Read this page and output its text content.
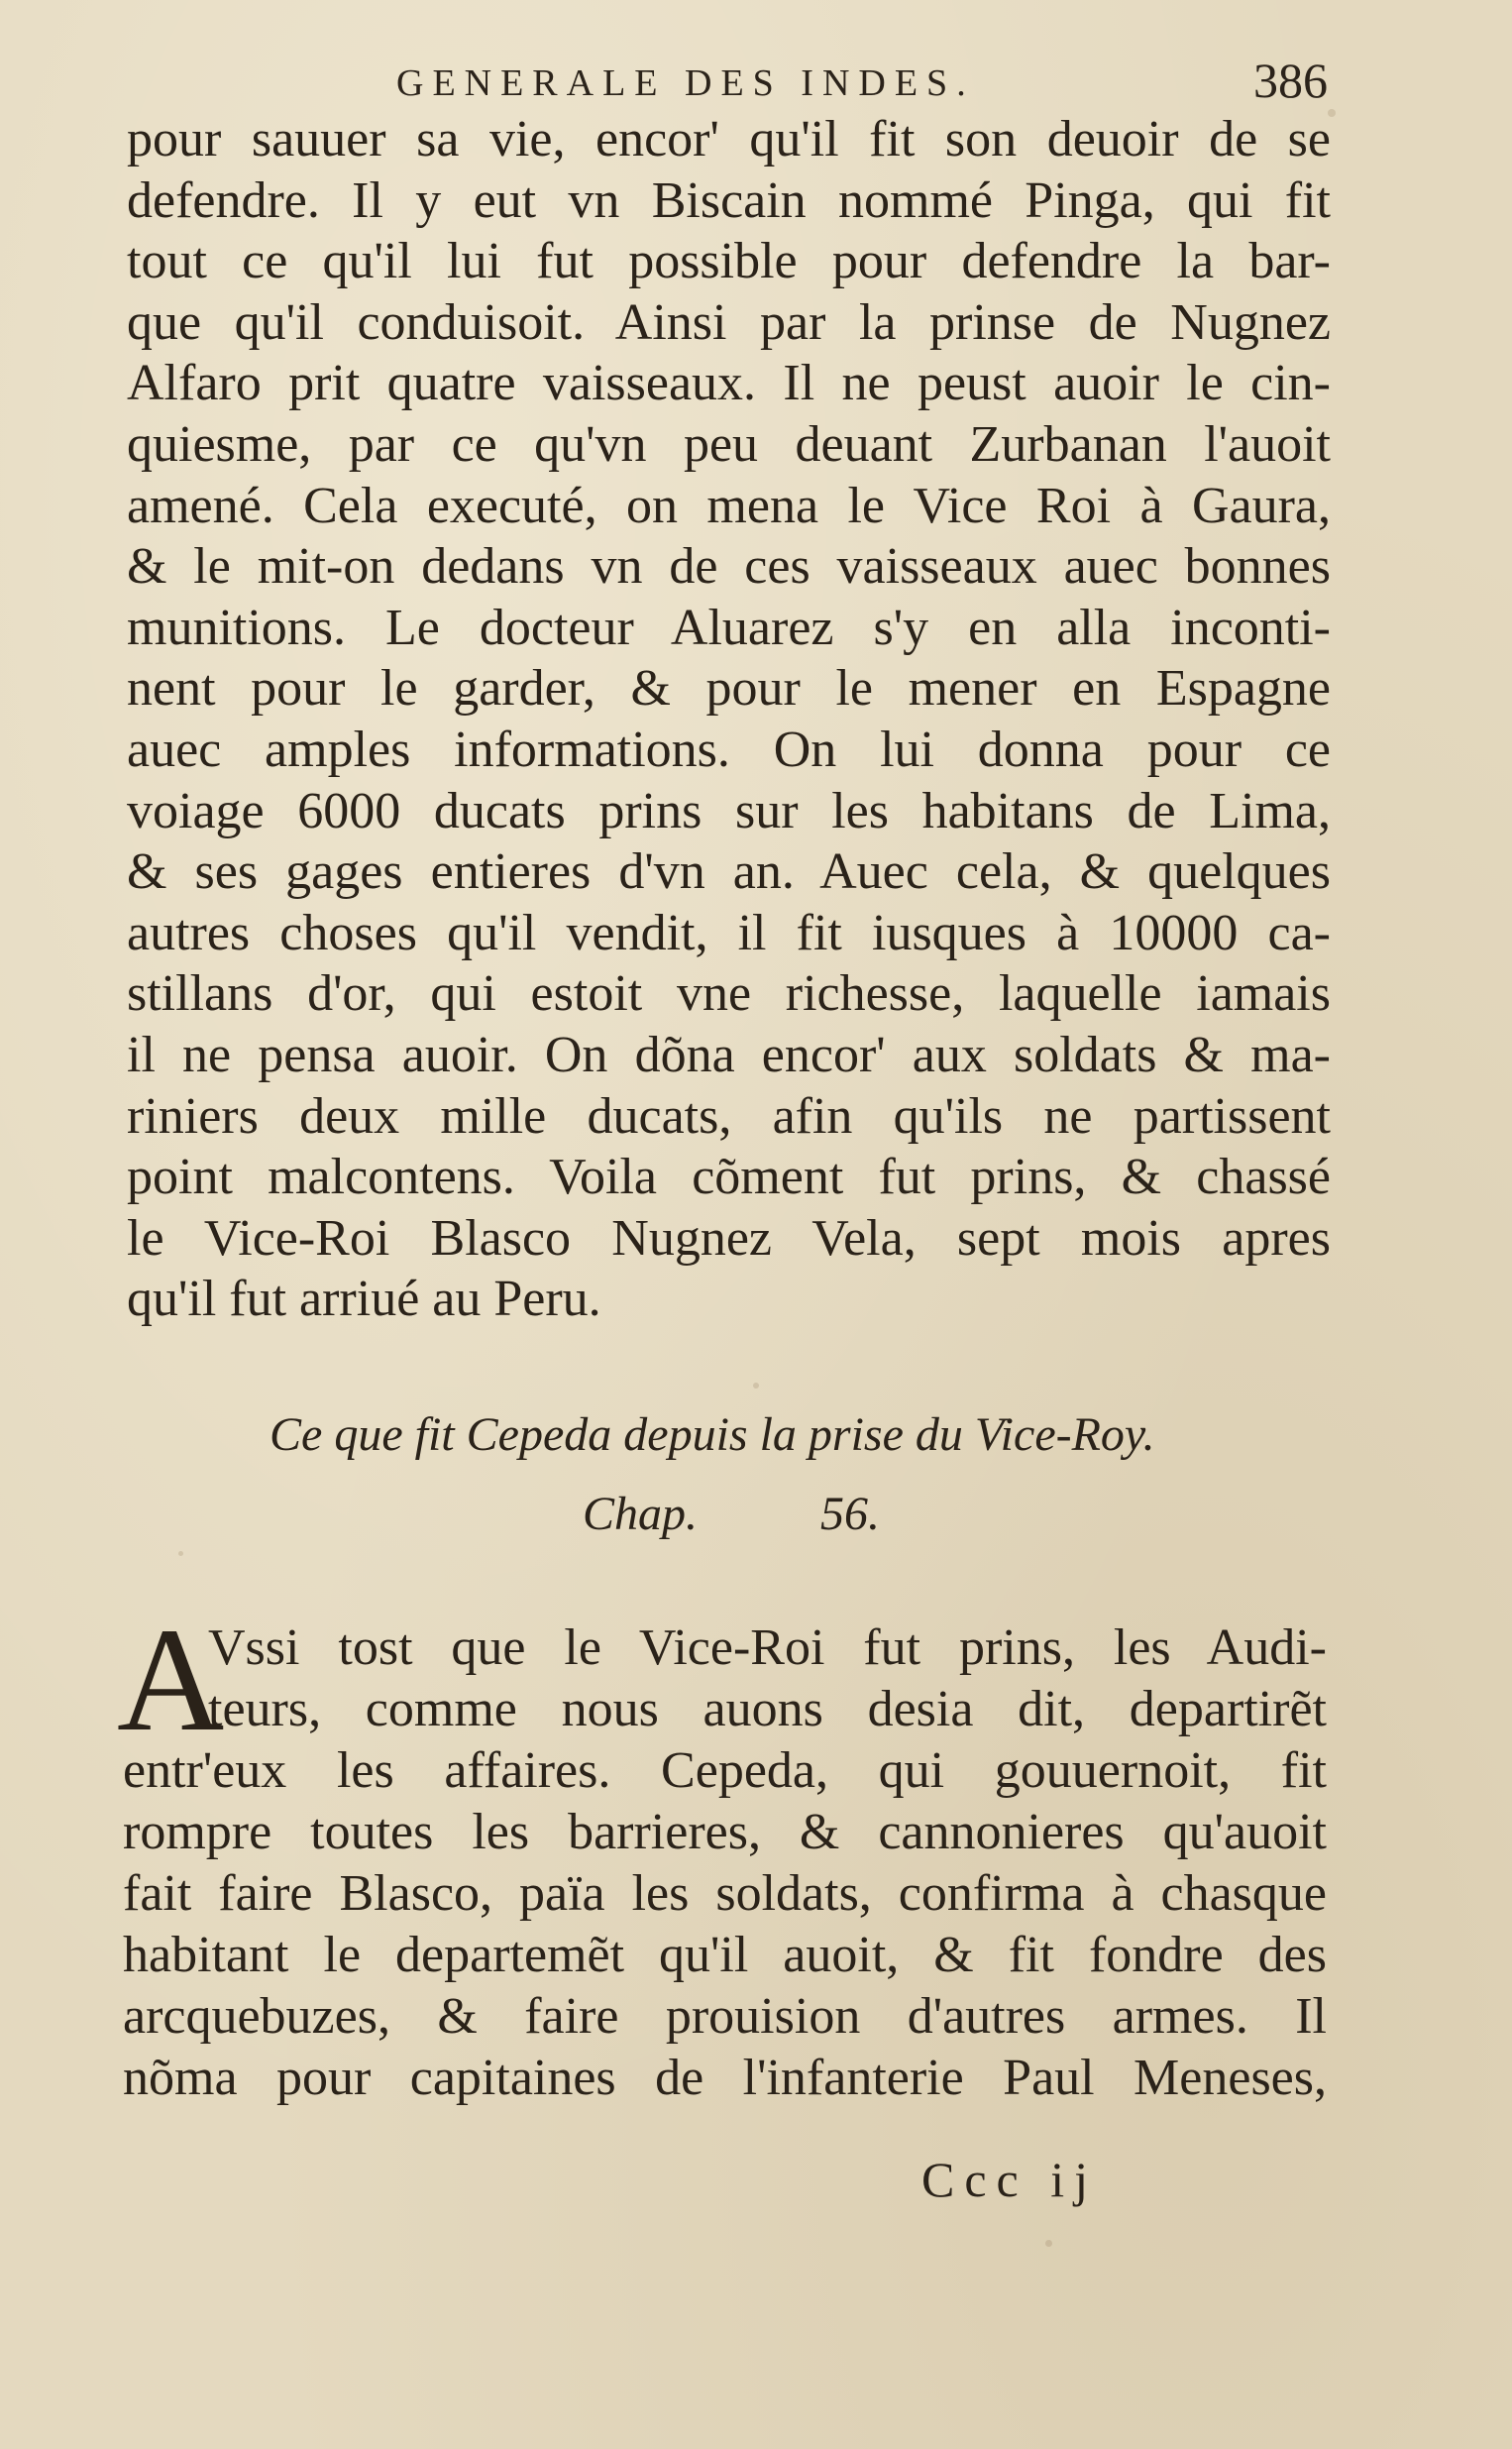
GENERALE DES INDES.	386
pour sauuer sa vie, encor' qu'il fit son deuoir de se
defendre. Il y eut vn Biscain nommé Pinga, qui fit
tout ce qu'il lui fut possible pour defendre la bar-
que qu'il conduisoit. Ainsi par la prinse de Nugnez
Alfaro prit quatre vaisseaux. Il ne peust auoir le cin-
quiesme, par ce qu'vn peu deuant Zurbanan l'auoit
amené. Cela executé, on mena le Vice Roi à Gaura,
& le mit-on dedans vn de ces vaisseaux auec bonnes
munitions. Le docteur Aluarez s'y en alla inconti-
nent pour le garder, & pour le mener en Espagne
auec amples informations. On lui donna pour ce
voiage 6000 ducats prins sur les habitans de Lima,
& ses gages entieres d'vn an. Auec cela, & quelques
autres choses qu'il vendit, il fit iusques à 10000 ca-
stillans d'or, qui estoit vne richesse, laquelle iamais
il ne pensa auoir. On dõna encor' aux soldats & ma-
riniers deux mille ducats, afin qu'ils ne partissent
point malcontens. Voila cõment fut prins, & chassé
le Vice-Roi Blasco Nugnez Vela, sept mois apres
qu'il fut arriué au Peru.
Ce que fit Cepeda depuis la prise du Vice-Roy.
Chap.	56.
A
Vssi tost que le Vice-Roi fut prins, les Audi-
teurs, comme nous auons desia dit, departirẽt
entr'eux les affaires. Cepeda, qui gouuernoit, fit
rompre toutes les barrieres, & cannonieres qu'auoit
fait faire Blasco, païa les soldats, confirma à chasque
habitant le departemẽt qu'il auoit, & fit fondre des
arcquebuzes, & faire prouision d'autres armes. Il
nõma pour capitaines de l'infanterie Paul Meneses,
Ccc ij
